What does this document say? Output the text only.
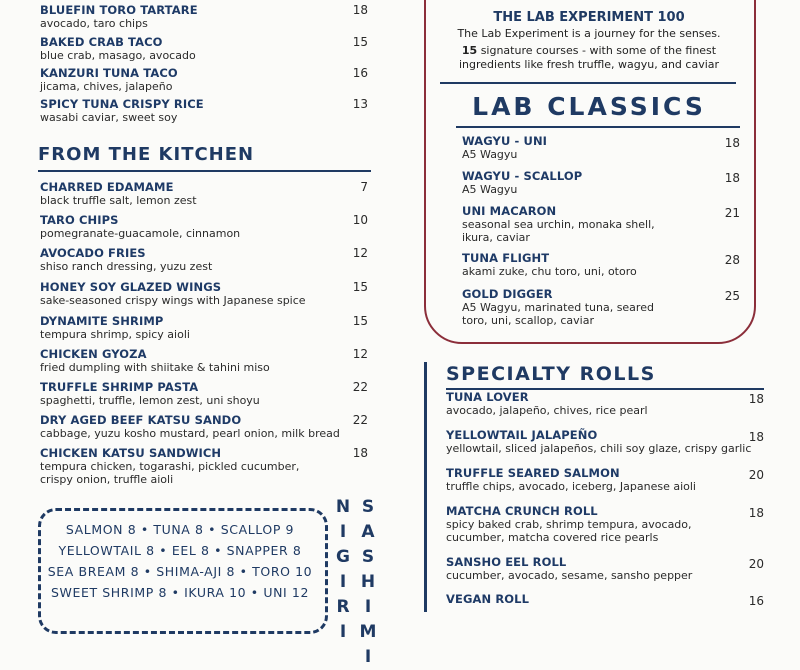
BLUEFIN TORO TARTARE
avocado, taro chips
18
BAKED CRAB TACO
blue crab, masago, avocado
15
KANZURI TUNA TACO
jicama, chives, jalapeño
16
SPICY TUNA CRISPY RICE
wasabi caviar, sweet soy
13
FROM THE KITCHEN
CHARRED EDAMAME
black truffle salt, lemon zest
7
TARO CHIPS
pomegranate-guacamole, cinnamon
10
AVOCADO FRIES
shiso ranch dressing, yuzu zest
12
HONEY SOY GLAZED WINGS
sake-seasoned crispy wings with Japanese spice
15
DYNAMITE SHRIMP
tempura shrimp, spicy aioli
15
CHICKEN GYOZA
fried dumpling with shiitake & tahini miso
12
TRUFFLE SHRIMP PASTA
spaghetti, truffle, lemon zest, uni shoyu
22
DRY AGED BEEF KATSU SANDO
cabbage, yuzu kosho mustard, pearl onion, milk bread
22
CHICKEN KATSU SANDWICH
tempura chicken, togarashi, pickled cucumber,
crispy onion, truffle aioli
18
SALMON 8 • TUNA 8 • SCALLOP 9
YELLOWTAIL 8 • EEL 8 • SNAPPER 8
SEA BREAM 8 • SHIMA-AJI 8 • TORO 10
SWEET SHRIMP 8 • IKURA 10 • UNI 12
N
I
G
I
R
I
S
A
S
H
I
M
I
THE LAB EXPERIMENT 100
The Lab Experiment is a journey for the senses.
15 signature courses - with some of the finest
ingredients like fresh truffle, wagyu, and caviar
LAB CLASSICS
WAGYU - UNI
A5 Wagyu
18
WAGYU - SCALLOP
A5 Wagyu
18
UNI MACARON
seasonal sea urchin, monaka shell,
ikura, caviar
21
TUNA FLIGHT
akami zuke, chu toro, uni, otoro
28
GOLD DIGGER
A5 Wagyu, marinated tuna, seared
toro, uni, scallop, caviar
25
SPECIALTY ROLLS
TUNA LOVER
avocado, jalapeño, chives, rice pearl
18
YELLOWTAIL JALAPEÑO
yellowtail, sliced jalapeños, chili soy glaze, crispy garlic
18
TRUFFLE SEARED SALMON
truffle chips, avocado, iceberg, Japanese aioli
20
MATCHA CRUNCH ROLL
spicy baked crab, shrimp tempura, avocado,
cucumber, matcha covered rice pearls
18
SANSHO EEL ROLL
cucumber, avocado, sesame, sansho pepper
20
VEGAN ROLL	16
